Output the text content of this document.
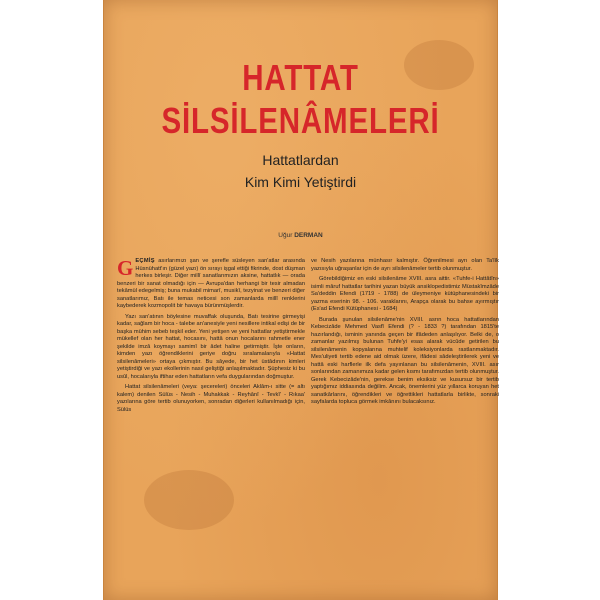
HATTAT
SİLSİLENÂMELERİ
Hattatlardan
Kim Kimi Yetiştirdi
Uğur DERMAN

GEÇMİŞ asırlarımızı şan ve şerefle süsleyen san'atlar arasında Hüsnühatt'ın (güzel yazı) ön sırayı işgal ettiği fikrinde, dost düşman herkes birleşir. Diğer millî sanatlarımızın aksine, hattatlık — orada benzeri bir sanat olmadığı için — Avrupa'dan herhangi bir tesir almadan tekâmül edegelmiş; buna mukabil mimarî, musikî, tezyinat ve benzeri diğer sanatlarımız, Batı ile temas neticesi son zamanlarda millî renklerini kaybederek kozmopolit bir havaya bürünmüşlerdir.

Yazı san'atının böylesine muvaffak oluşunda, Batı tesirine girmeyişi kadar, sağlam bir hoca - talebe an'anesiyle yeni nesillere intikal edişi de bir başka mühim sebeb teşkil eder. Yeni yetişen ve yeni hattatlar yetiştirmekle mükellef olan her hattat, hocasını, hattâ onun hocalarını rahmetle ener şekilde imzâ koymayı samimî bir âdet haline getirmiştir. İşte onların, kimden yazı öğrendiklerini geriye doğru sıralamalarıyla «Hattat silsilenâmeleri» ortaya çıkmıştır. Bu sâyede, bir het üstâdının kimleri yetiştirdiği ve yazı ekollerinin nasıl geliştiği anlaşılmaktadır. Şüphesiz ki bu usûl, hocalarıyla iftihar eden hattatların vefa duygularından doğmuştur.

Hattat silsilenâmeleri (veya: şecereleri) önceleri Aklâm-ı sitte (= altı kalem) denilen Sülüs - Nesih - Muhakkak - Reyhânî - Tevkî' - Rıkaa' yazılarına göre tertib olunuyorken, sonradan diğerleri kullanılmadığı için, Sülüs

ve Nesih yazılarına münhasır kalmıştır. Öğrenilmesi ayrı olan Ta'lîk yazısıyla uğraşanlar için de ayrı silsilenâmeler tertib olunmuştur.

Görebildiğimiz en eski silsilenâme XVIII. asra aittir. «Tuhfe-i Hattâtîn» isimli mâruf hattatlar tarihini yazan büyük ansiklopedistimiz Müstakîmzâde Sa'deddin Efendi (1719 - 1788) de üleymeniye kütüphanesindeki bir yazma eserinin 98. - 106. varaklarını, Arapça olarak bu bahse ayırmıştır (Es'ad Efendi Kütüphanesi - 1684)

Burada şunulan silsilenâme'nin XVIII. asrın hoca hattatlarından Kebecizâde Mehmed Vasfî Efendi (? - 1833 ?) tarafından 1815'te hazırlandığı, isminin yanında geçen bir ifâdeden anlaşılıyor. Belki de, o zamanlar yazılmış bulunan Tuhfe'yi esas alarak vücûde getirilen bu silsilenâmenin kopyalarına muhtelif koleksiyonlarda rastlanmaktadır. Mes'uliyeti tertib edene aid olmak üzere, ifâdesi sâdeleştirilerek yeni ve hattâ eski harflerle ilk defa yayınlanan bu silsilenâmenin, XVIII. asır sonlarından zamanımıza kadar gelen kısmı tarafımızdan tertib olunmuştur. Gerek Kebecizâde'nin, gerekse benim eksiksiz ve kusursuz bir tertib yaptığımız iddiasında değilim. Ancak, önemlerini yüz yıllarca koruyan het sanatkârlarını, öğrendikleri ve öğrettikleri hattatlarla birlikte, sonraki sayfalarda topluca görmek imkânını bulacaksınız.
